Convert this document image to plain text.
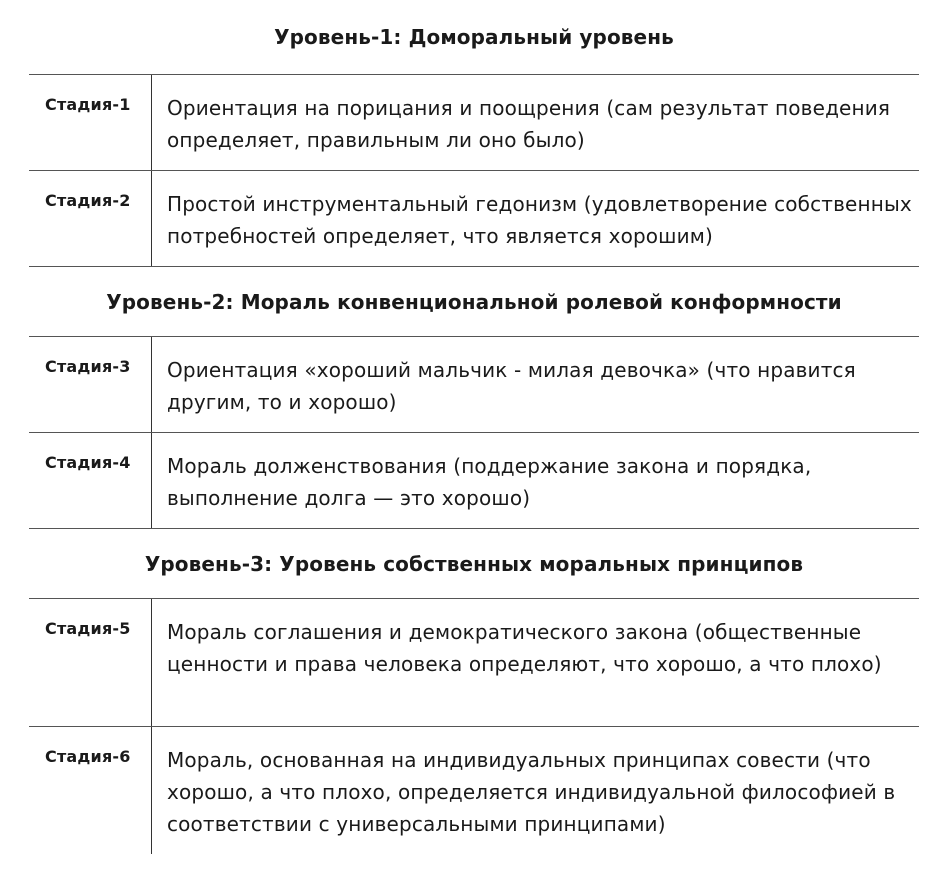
Уровень-1: Доморальный уровень
Стадия-1	Ориентация на порицания и поощрения (сам результат поведения определяет, правильным ли оно было)
Стадия-2	Простой инструментальный гедонизм (удовлетворение собственных потребностей определяет, что является хорошим)
Уровень-2: Мораль конвенциональной ролевой конформности
Стадия-3	Ориентация «хороший мальчик - милая девочка» (что нравится другим, то и хорошо)
Стадия-4	Мораль долженствования (поддержание закона и порядка, выполнение долга — это хорошо)
Уровень-3: Уровень собственных моральных принципов
Стадия-5	Мораль соглашения и демократического закона (общественные ценности и права человека определяют, что хорошо, а что плохо)
Стадия-6	Мораль, основанная на индивидуальных принципах совести (что хорошо, а что плохо, определяется индивидуальной философией в соответствии с универсальными принципами)
